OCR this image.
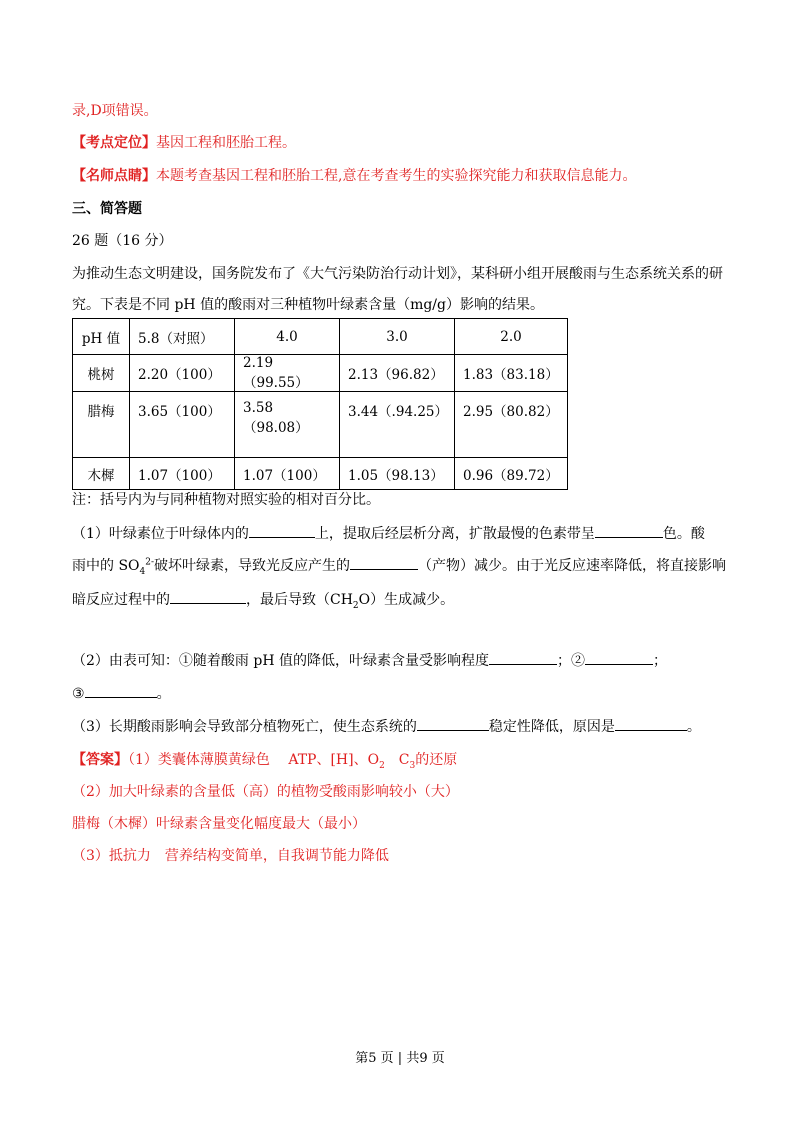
录,D项错误。
【考点定位】基因工程和胚胎工程。
【名师点睛】本题考查基因工程和胚胎工程,意在考查考生的实验探究能力和获取信息能力。
三、简答题
26 题（16 分）
为推动生态文明建设，国务院发布了《大气污染防治行动计划》，某科研小组开展酸雨与生态系统关系的研
究。下表是不同 pH 值的酸雨对三种植物叶绿素含量（mg/g）影响的结果。
pH 值	5.8（对照）	4.0	3.0	2.0
桃树	2.20（100）	2.19（99.55）	2.13（96.82）	1.83（83.18）
腊梅	3.65（100）	3.58（98.08）	3.44（.94.25）	2.95（80.82）
木樨	1.07（100）	1.07（100）	1.05（98.13）	0.96（89.72）
注：括号内为与同种植物对照实验的相对百分比。
（1）叶绿素位于叶绿体内的	上，提取后经层析分离，扩散最慢的色素带呈	色。酸
雨中的 $SO_4^{2-}$破坏叶绿素，导致光反应产生的	（产物）减少。由于光反应速率降低，将直接影响
暗反应过程中的	，最后导致$(CH_2O)$生成减少。
（2）由表可知：①随着酸雨 pH 值的降低，叶绿素含量受影响程度	；②	；
③	。
（3）长期酸雨影响会导致部分植物死亡，使生态系统的	稳定性降低，原因是	。
【答案】（1）类囊体薄膜黄绿色　 ATP、[H]、$O_2$　$C_3$的还原
（2）加大叶绿素的含量低（高）的植物受酸雨影响较小（大）
腊梅（木樨）叶绿素含量变化幅度最大（最小）
（3）抵抗力　营养结构变简单，自我调节能力降低
第5 页 | 共9 页
